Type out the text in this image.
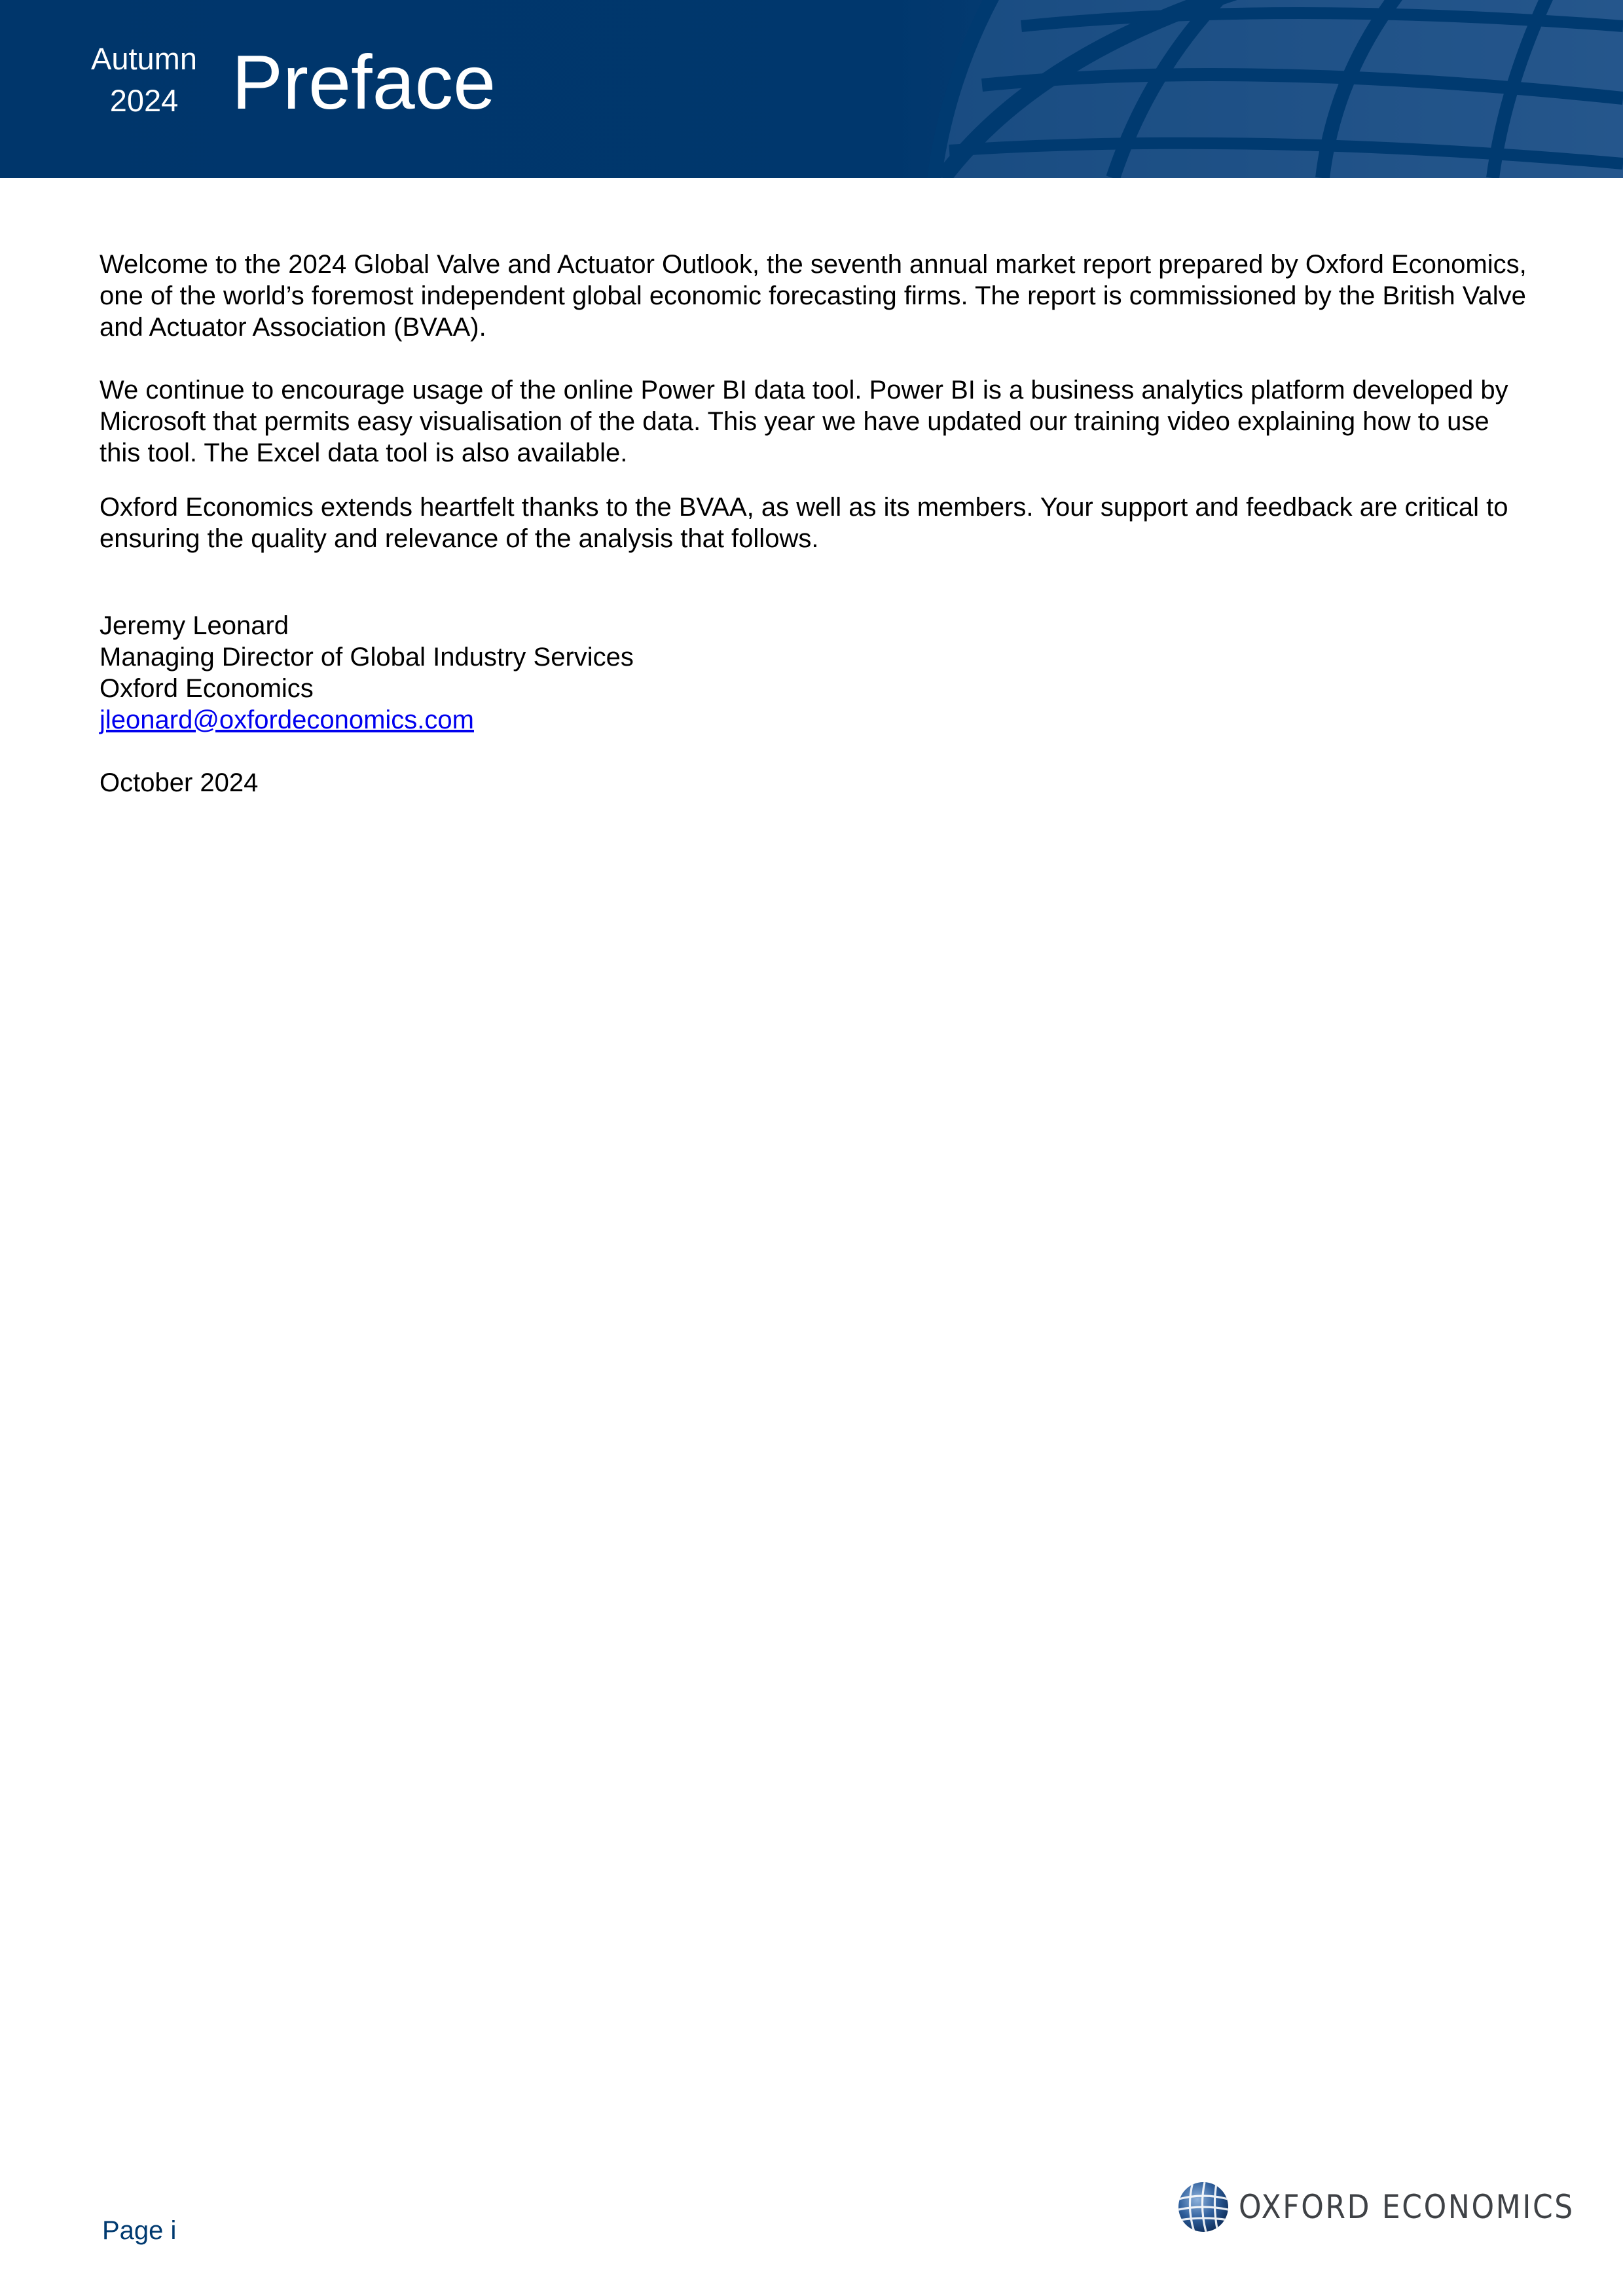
Autumn
2024 Preface

Welcome to the 2024 Global Valve and Actuator Outlook, the seventh annual market report prepared by Oxford Economics, one of the world’s foremost independent global economic forecasting firms. The report is commissioned by the British Valve and Actuator Association (BVAA).

We continue to encourage usage of the online Power BI data tool. Power BI is a business analytics platform developed by Microsoft that permits easy visualisation of the data. This year we have updated our training video explaining how to use this tool. The Excel data tool is also available.

Oxford Economics extends heartfelt thanks to the BVAA, as well as its members. Your support and feedback are critical to ensuring the quality and relevance of the analysis that follows.

Jeremy Leonard
Managing Director of Global Industry Services
Oxford Economics
jleonard@oxfordeconomics.com

October 2024

Page i
OXFORD ECONOMICS
